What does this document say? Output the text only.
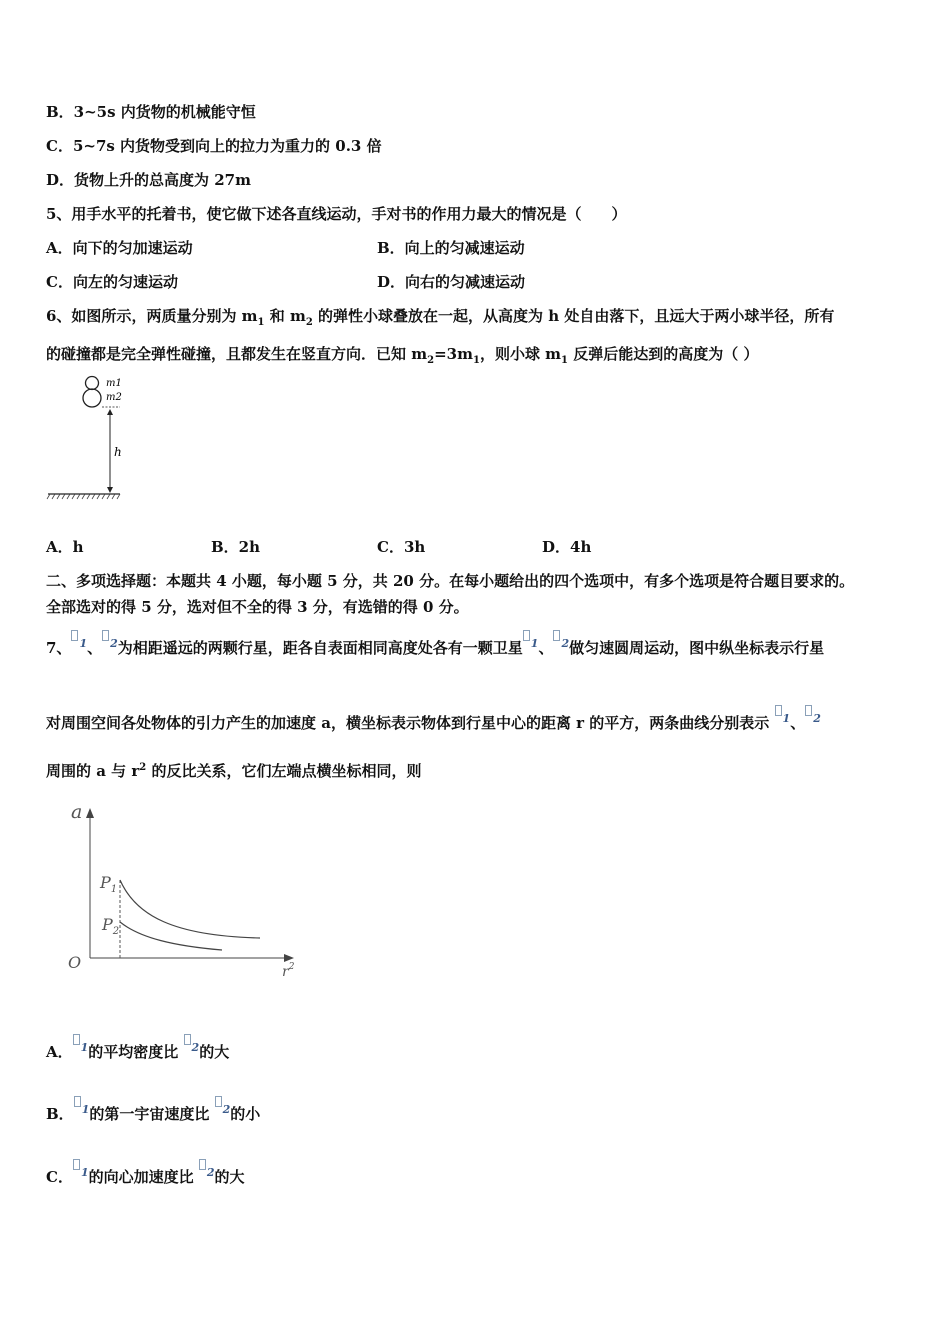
B．3~5s 内货物的机械能守恒
C．5~7s 内货物受到向上的拉力为重力的 0.3 倍
D．货物上升的总高度为 27m
5、用手水平的托着书，使它做下述各直线运动，手对书的作用力最大的情况是（　　）
A．向下的匀加速运动	B．向上的匀减速运动
C．向左的匀速运动	D．向右的匀减速运动
6、如图所示，两质量分别为 $m_1$ 和 $m_2$ 的弹性小球叠放在一起，从高度为 h 处自由落下，且远大于两小球半径，所有
的碰撞都是完全弹性碰撞，且都发生在竖直方向．已知 $m_2=3m_1$，则小球 $m_1$ 反弹后能达到的高度为（ ）
m1
m2
h
A．h	B．2h	C．3h	D．4h
二、多项选择题：本题共 4 小题，每小题 5 分，共 20 分。在每小题给出的四个选项中，有多个选项是符合题目要求的。
全部选对的得 5 分，选对但不全的得 3 分，有选错的得 0 分。
7、 $^1$、 $^2$为相距遥远的两颗行星，距各自表面相同高度处各有一颗卫星 $^1$、 $^2$做匀速圆周运动，图中纵坐标表示行星
对周围空间各处物体的引力产生的加速度 a，横坐标表示物体到行星中心的距离 r 的平方，两条曲线分别表示 $^1$、 $^2$
周围的 a 与 $r^2$ 的反比关系，它们左端点横坐标相同，则
a
$r^2$
O
$P_1$
$P_2$
A． $^1$的平均密度比 $^2$的大
B． $^1$的第一宇宙速度比 $^2$的小
C． $^1$的向心加速度比 $^2$的大
